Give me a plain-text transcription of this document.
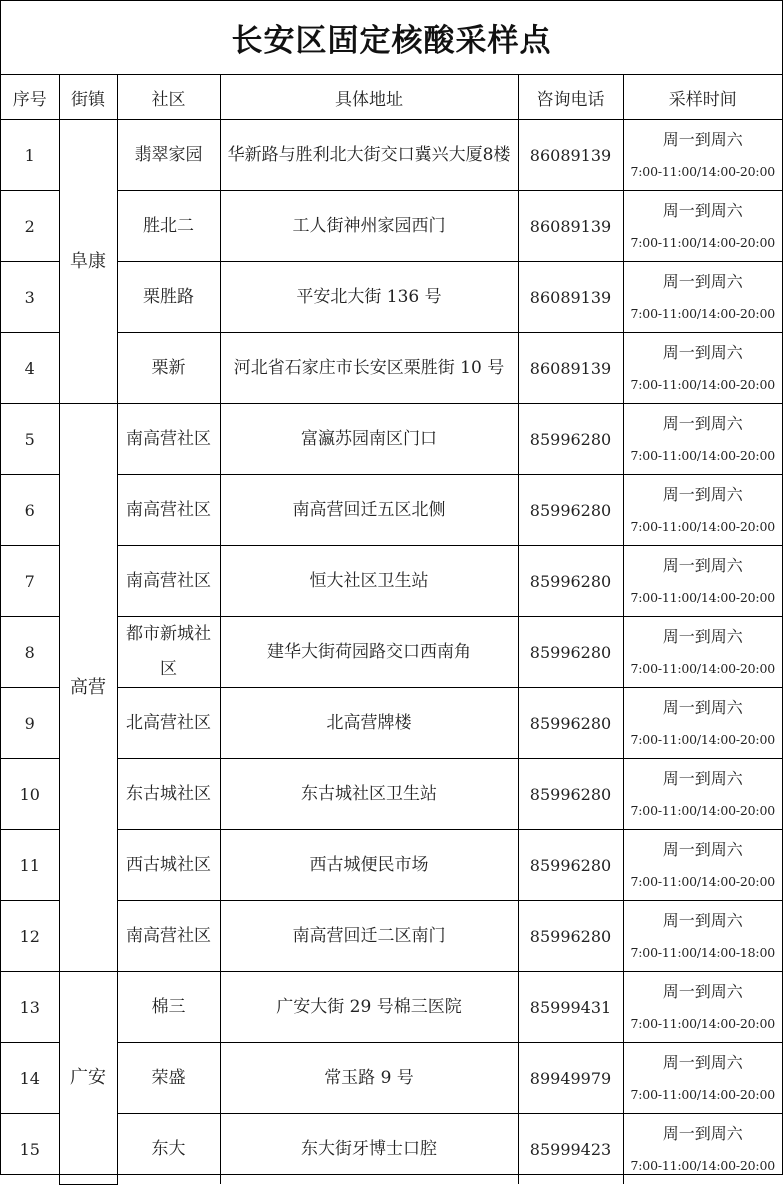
长安区固定核酸采样点
序号	街镇	社区	具体地址	咨询电话	采样时间
1	阜康	翡翠家园	华新路与胜利北大街交口冀兴大厦8楼	86089139	周一到周六
7:00-11:00/14:00-20:00

2		胜北二	工人街神州家园西门	86089139	周一到周六
7:00-11:00/14:00-20:00

3		栗胜路	平安北大街 136 号	86089139	周一到周六
7:00-11:00/14:00-20:00

4		栗新	河北省石家庄市长安区栗胜街 10 号	86089139	周一到周六
7:00-11:00/14:00-20:00

5	高营	南高营社区	富瀛苏园南区门口	85996280	周一到周六
7:00-11:00/14:00-20:00

6		南高营社区	南高营回迁五区北侧	85996280	周一到周六
7:00-11:00/14:00-20:00

7		南高营社区	恒大社区卫生站	85996280	周一到周六
7:00-11:00/14:00-20:00

8		都市新城社区	建华大街荷园路交口西南角	85996280	周一到周六
7:00-11:00/14:00-20:00

9		北高营社区	北高营牌楼	85996280	周一到周六
7:00-11:00/14:00-20:00

10		东古城社区	东古城社区卫生站	85996280	周一到周六
7:00-11:00/14:00-20:00

11		西古城社区	西古城便民市场	85996280	周一到周六
7:00-11:00/14:00-20:00

12		南高营社区	南高营回迁二区南门	85996280	周一到周六
7:00-11:00/14:00-18:00

13	广安	棉三	广安大街 29 号棉三医院	85999431	周一到周六
7:00-11:00/14:00-20:00

14		荣盛	常玉路 9 号	89949979	周一到周六
7:00-11:00/14:00-20:00

15		东大	东大街牙博士口腔	85999423	周一到周六
7:00-11:00/14:00-20:00
